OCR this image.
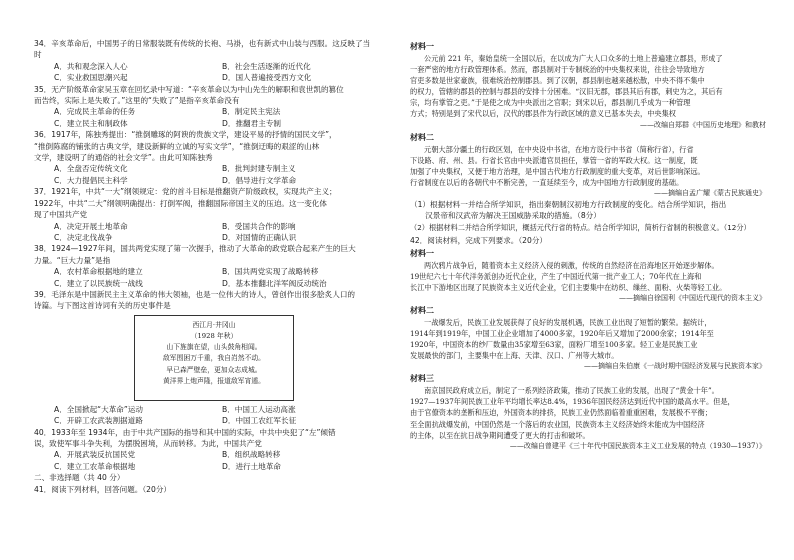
34．辛亥革命后，中国男子的日常服装既有传统的长袍、马褂，也有新式中山装与西服。这反映了当
时
A．共和观念深入人心	B．社会生活逐渐的近代化
C．实业救国思潮兴起	D．国人普遍接受西方文化
35．无产阶级革命家吴玉章在回忆录中写道：“辛亥革命以为中山先生的解职和袁世凯的篡位
而告终，实际上是失败了。”这里的“失败了”是指辛亥革命没有
A．完成民主革命的任务	B．制定民主宪法
C．建立民主和制政体	D．推翻君主专制
36．1917年，陈独秀提出：“推倒雕琢的阿谀的贵族文学，建设平易的抒情的国民文学”，
“推倒陈腐的铺张的古典文学，建设新鲜的立诚的写实文学”，“推倒迂晦的艰涩的山林
文学，建设明了的通俗的社会文学”。由此可知陈独秀
A．全盘否定传统文化	B．批判封建专制主义
C．大力提倡民主科学	D．倡导进行文学革命
37．1921年，中共“一大”纲领规定：党的首斗目标是推翻资产阶级政权，实现共产主义；
1922年，中共“二大”纲领明确提出：打倒军阀，推翻国际帝国主义的压迫。这一变化体
现了中国共产党
A．决定开展土地革命	B．受国共合作的影响
C．决定北伐战争	D．对国情的正确认识
38．1924—1927年间，国共两党实现了第一次握手，推动了大革命的政党联合起来产生的巨大
力量。“巨大力量”是指
A．农村革命根据地的建立	B．国共两党实现了战略转移
C．建立了以民族统一战线	D．基本推翻北洋军阀反动统治
39．毛泽东是中国新民主主义革命的伟大领袖，也是一位伟大的诗人，曾创作出很多脍炙人口的
诗篇。与下图这首诗词有关的历史事件是
西江月·井冈山
（1928 年秋）
山下旌旗在望，山头鼓角相闻。
敌军围困万千重，我自岿然不动。
早已森严壁垒，更加众志成城。
黄洋界上炮声隆，报道敌军宵遁。
A．全国掀起“大革命”运动	B．中国工人运动高涨
C．开辟工农武装割据道路	D．中国工农红军长征
40．1933年至 1934年，由于中共产国际的指导和其中国的实际，中共中央犯了“左”倾错
误，致使军事斗争失利，为摆脱困境，从而转移。为此，中国共产党
A．开展武装反抗国民党	B．组织战略转移
C．建立工农革命根据地	D．进行土地革命
二、非选择题（共 40 分）
41．阅读下列材料，回答问题。（20分）
材料一
公元前 221 年，秦始皇统一全国以后，在以成为广大人口众多的土地上普遍建立郡县，形成了
一套严密的地方行政管理体系。然而，郡县制对于专制统治的中央集权来说，往往会导致地方
官吏多数是世家豪族，很难统治控制郡县。到了汉朝，郡县制也越来越松散，中央不得不集中
的权力，管辖的郡县的控制与郡县的安排十分困难。“汉旧无郡，郡县其后有郡，刺史为之，其后有
宗，均有掌管之吏。”于是使之成为中央派出之官职；到宋以后，郡县制几乎成为一种管理
方式；特别是到了宋代以后，汉代的郡县作为行政区域的意义已基本失去，中央集权
——改编自郑群《中国历史地理》和教材
材料二
元朝大部分疆土的行政区划，在中央设中书省，在地方设行中书省（简称行省），行省
下设路、府、州、县。行省长官由中央派遣官员担任，掌管一省的军政大权。这一制度，既
加强了中央集权，又便于地方治理，是中国古代地方行政制度的重大变革，对后世影响深远。
行省制度在以后的各朝代中不断完善，一直延续至今，成为中国地方行政制度的基础。
——摘编自孟广耀《蒙古民族通史》
（1）根据材料一并结合所学知识，指出秦朝制汉初地方行政制度的变化。结合所学知识，指出
　　汉景帝和汉武帝为解决王国威胁采取的措施。（8分）
（2）根据材料二并结合所学知识，概括元代行省的特点。结合所学知识，简析行省制的积极意义。（12分）
42．阅读材料，完成下列要求。（20分）
材料一
两次鸦片战争后，随着资本主义经济入侵的刺激，传统的自然经济在沿海地区开始逐步解体。
19世纪六七十年代洋务派创办近代企业，产生了中国近代第一批产业工人；70年代在上海和
长江中下游地区出现了民族资本主义近代企业，它们主要集中在纺织、缫丝、面粉、火柴等轻工业。
——摘编自徐国利《中国近代现代的资本主义》
材料二
一战爆发后，民族工业发展获得了良好的发展机遇，民族工业出现了短暂的繁荣。据统计，
1914年到1919年，中国工业企业增加了4000多家，1920年后又增加了2000余家；1914年至
1920年，中国资本的纱厂数量由35家增至63家，面粉厂增至100多家。轻工业是民族工业
发展最快的部门，主要集中在上海、天津、汉口、广州等大城市。
——摘编自朱伯康《一战时期中国经济发展与民族资本家》
材料三
南京国民政府成立后，制定了一系列经济政策，推动了民族工业的发展，出现了“黄金十年”。
1927—1937年间民族工业年平均增长率达8.4%，1936年国民经济达到近代中国的最高水平。但是，
由于官僚资本的垄断和压迫，外国资本的排挤，民族工业仍然面临着重重困难，发展极不平衡；
至全面抗战爆发前，中国仍然是一个落后的农业国，民族资本主义经济始终未能成为中国经济
的主体，以至在抗日战争期间遭受了更大的打击和破坏。
——改编自曾建平《三十年代中国民族资本主义工业发展的特点（1930—1937）》
